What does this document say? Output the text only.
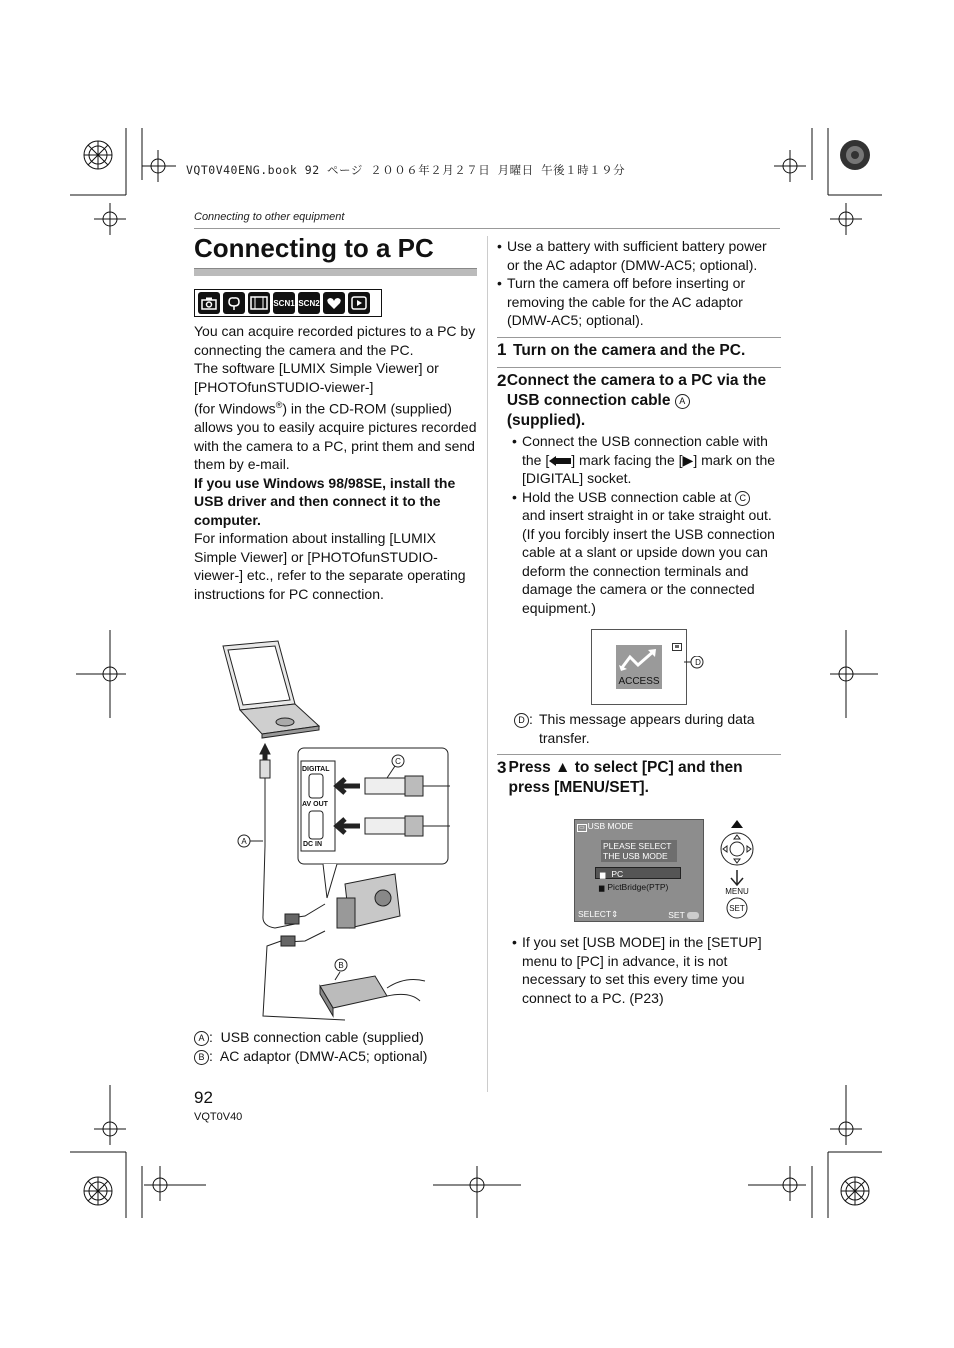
VQT0V40ENG.book 92 ページ ２００６年２月２７日 月曜日 午後１時１９分
Connecting to other equipment
Connecting to a PC
SCN1 SCN2

You can acquire recorded pictures to a PC by connecting the camera and the PC.

The software [LUMIX Simple Viewer] or [PHOTOfunSTUDIO-viewer-]

(for Windows®) in the CD-ROM (supplied) allows you to easily acquire pictures recorded with the camera to a PC, print them and send them by e-mail.

If you use Windows 98/98SE, install the USB driver and then connect it to the computer.

For information about installing [LUMIX Simple Viewer] or [PHOTOfunSTUDIO-viewer-] etc., refer to the separate operating instructions for PC connection.

DIGITAL
AV OUT
DC IN
C
A
B
A :  USB connection cable (supplied)
B :  AC adaptor (DMW-AC5; optional)
92
VQT0V40
• Use a battery with sufficient battery power or the AC adaptor (DMW-AC5; optional).
• Turn the camera off before inserting or removing the cable for the AC adaptor (DMW-AC5; optional).
1 Turn on the camera and the PC.
2 Connect the camera to a PC via the USB connection cable A
(supplied).
• Connect the USB connection cable with the [ ] mark facing the [▶] mark on the [DIGITAL] socket.
• Hold the USB connection cable at C
and insert straight in or take straight out. (If you forcibly insert the USB connection cable at a slant or upside down you can deform the connection terminals and damage the camera or the connected equipment.)
ACCESS
D
D : This message appears during data transfer.
3 Press ▲ to select [PC] and then press [MENU/SET].
▭ USB MODE
PLEASE SELECT THE USB MODE
▆ PC
▆ PictBridge(PTP)
SELECT⇕	SET
MENU
SET
• If you set [USB MODE] in the [SETUP] menu to [PC] in advance, it is not necessary to set this every time you connect to a PC. (P23)
